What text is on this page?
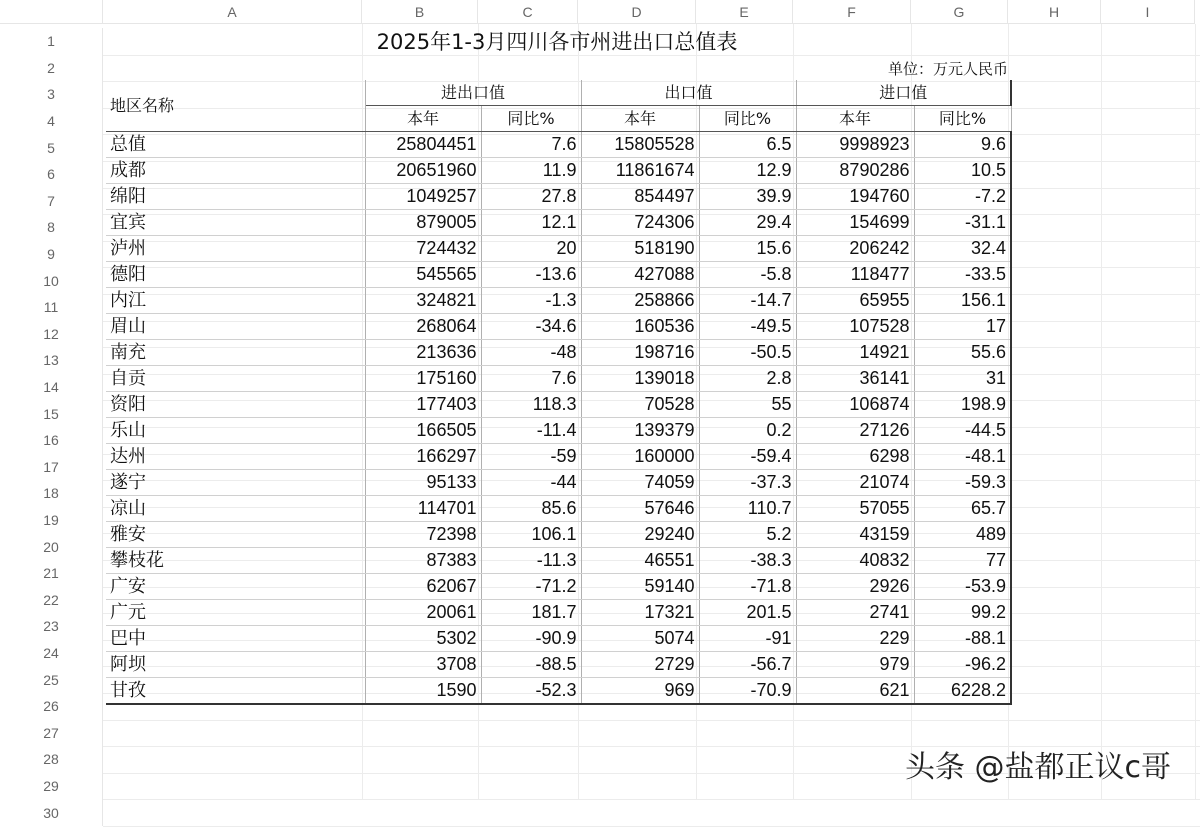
A	B	C	D	E	F	G	H	I
1
2
3
4
5
6
7
8
9
10
11
12
13
14
15
16
17
18
19
20
21
22
23
24
25
26
27
28
29
30
2025年1-3月四川各市州进出口总值表
单位：万元人民币
地区名称	进出口值		出口值		进口值	
	本年	同比%	本年	同比%	本年	同比%
总值	25804451	7.6	15805528	6.5	9998923	9.6
成都	20651960	11.9	11861674	12.9	8790286	10.5
绵阳	1049257	27.8	854497	39.9	194760	-7.2
宜宾	879005	12.1	724306	29.4	154699	-31.1
泸州	724432	20	518190	15.6	206242	32.4
德阳	545565	-13.6	427088	-5.8	118477	-33.5
内江	324821	-1.3	258866	-14.7	65955	156.1
眉山	268064	-34.6	160536	-49.5	107528	17
南充	213636	-48	198716	-50.5	14921	55.6
自贡	175160	7.6	139018	2.8	36141	31
资阳	177403	118.3	70528	55	106874	198.9
乐山	166505	-11.4	139379	0.2	27126	-44.5
达州	166297	-59	160000	-59.4	6298	-48.1
遂宁	95133	-44	74059	-37.3	21074	-59.3
凉山	114701	85.6	57646	110.7	57055	65.7
雅安	72398	106.1	29240	5.2	43159	489
攀枝花	87383	-11.3	46551	-38.3	40832	77
广安	62067	-71.2	59140	-71.8	2926	-53.9
广元	20061	181.7	17321	201.5	2741	99.2
巴中	5302	-90.9	5074	-91	229	-88.1
阿坝	3708	-88.5	2729	-56.7	979	-96.2
甘孜	1590	-52.3	969	-70.9	621	6228.2
头条 @盐都正议c哥
